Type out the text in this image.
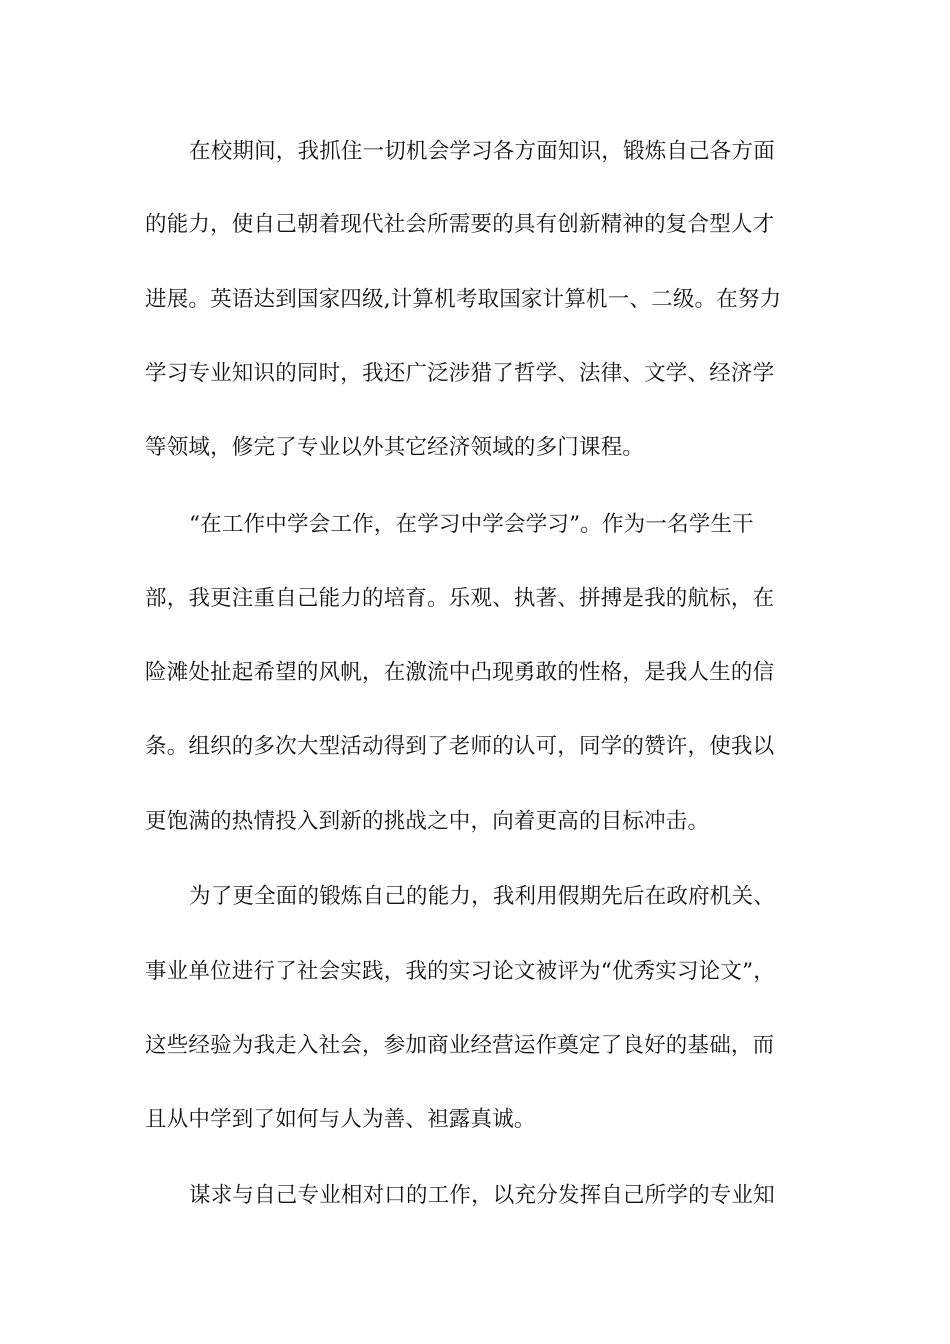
在校期间，我抓住一切机会学习各方面知识，锻炼自己各方面
的能力，使自己朝着现代社会所需要的具有创新精神的复合型人才
进展。英语达到国家四级,计算机考取国家计算机一、二级。在努力
学习专业知识的同时，我还广泛涉猎了哲学、法律、文学、经济学
等领域，修完了专业以外其它经济领域的多门课程。
“在工作中学会工作，在学习中学会学习”。作为一名学生干
部，我更注重自己能力的培育。乐观、执著、拼搏是我的航标，在
险滩处扯起希望的风帆，在激流中凸现勇敢的性格，是我人生的信
条。组织的多次大型活动得到了老师的认可，同学的赞许，使我以
更饱满的热情投入到新的挑战之中，向着更高的目标冲击。
为了更全面的锻炼自己的能力，我利用假期先后在政府机关、
事业单位进行了社会实践，我的实习论文被评为“优秀实习论文”，
这些经验为我走入社会，参加商业经营运作奠定了良好的基础，而
且从中学到了如何与人为善、袒露真诚。
谋求与自己专业相对口的工作，以充分发挥自己所学的专业知
